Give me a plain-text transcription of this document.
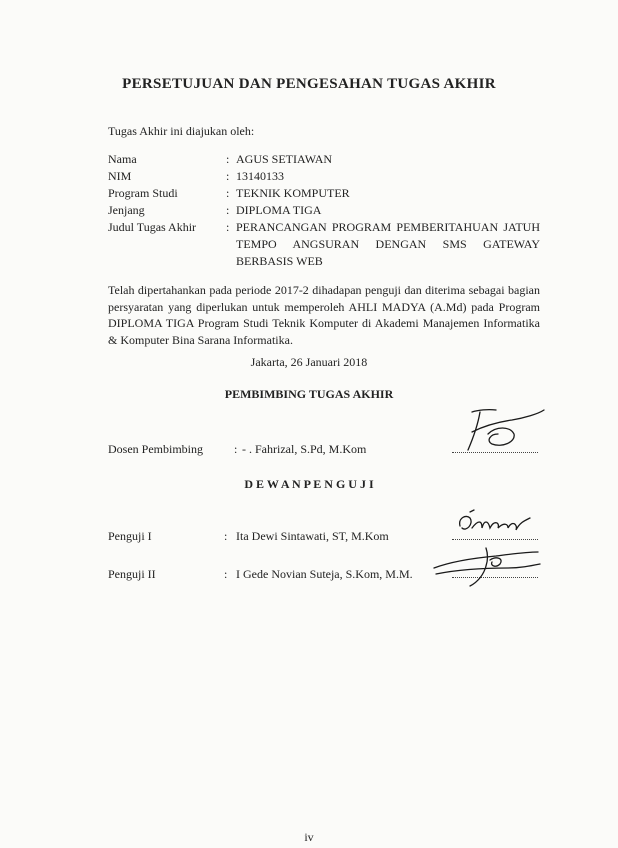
PERSETUJUAN DAN PENGESAHAN TUGAS AKHIR
Tugas Akhir ini diajukan oleh:
Nama	: AGUS SETIAWAN
NIM	: 13140133
Program Studi	: TEKNIK KOMPUTER
Jenjang	: DIPLOMA TIGA
Judul Tugas Akhir	: PERANCANGAN PROGRAM PEMBERITAHUAN JATUH TEMPO ANGSURAN DENGAN SMS GATEWAY BERBASIS WEB
Telah dipertahankan pada periode 2017-2 dihadapan penguji dan diterima sebagai bagian persyaratan yang diperlukan untuk memperoleh AHLI MADYA (A.Md) pada Program DIPLOMA TIGA Program Studi Teknik Komputer di Akademi Manajemen Informatika & Komputer Bina Sarana Informatika.
Jakarta, 26 Januari 2018
PEMBIMBING TUGAS AKHIR
Dosen Pembimbing	: - . Fahrizal, S.Pd, M.Kom
D E W A N P E N G U J I
Penguji I	: Ita Dewi Sintawati, ST, M.Kom
Penguji II	: I Gede Novian Suteja, S.Kom, M.M.
iv
